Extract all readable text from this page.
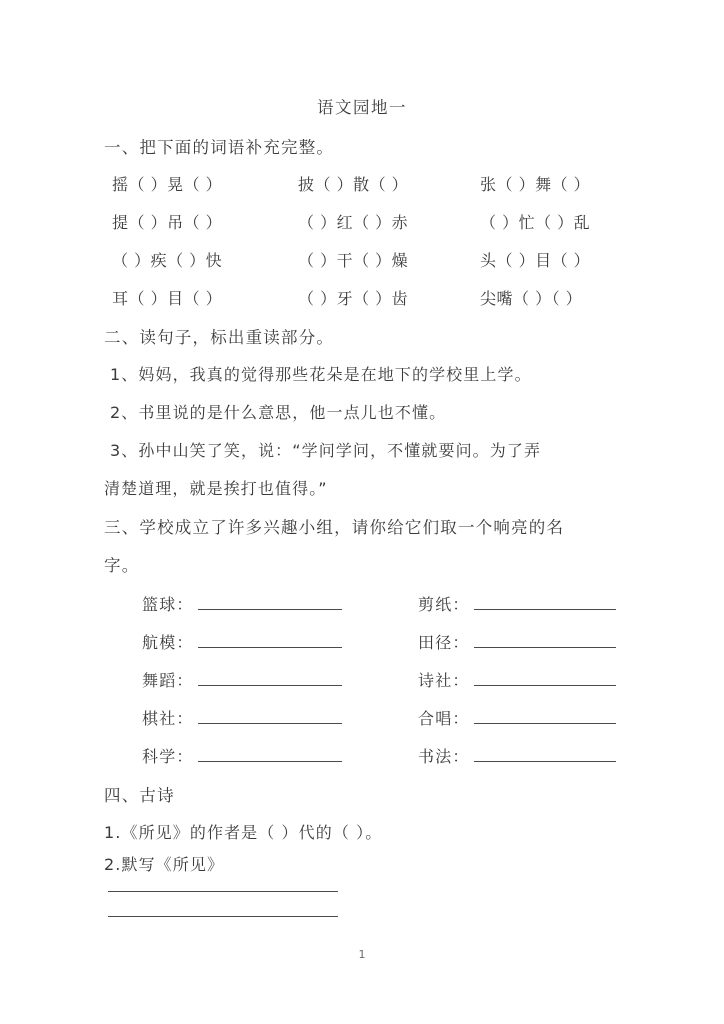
语文园地一
一、把下面的词语补充完整。
摇（ ）晃（ ）	披（ ）散（ ）	张（ ）舞（ ）
提（ ）吊（ ）	（ ）红（ ）赤	（ ）忙（ ）乱
（ ）疾（ ）快	（ ）干（ ）燥	头（ ）目（ ）
耳（ ）目（ ）	（ ）牙（ ）齿	尖嘴（ ）（ ）
二、读句子，标出重读部分。
1、妈妈，我真的觉得那些花朵是在地下的学校里上学。
2、书里说的是什么意思，他一点儿也不懂。
3、孙中山笑了笑，说：“学问学问，不懂就要问。为了弄
清楚道理，就是挨打也值得。”
三、学校成立了许多兴趣小组，请你给它们取一个响亮的名
字。
篮球：	剪纸：
航模：	田径：
舞蹈：	诗社：
棋社：	合唱：
科学：	书法：
四、古诗
1.《所见》的作者是（ ）代的（ ）。
2.默写《所见》
1
